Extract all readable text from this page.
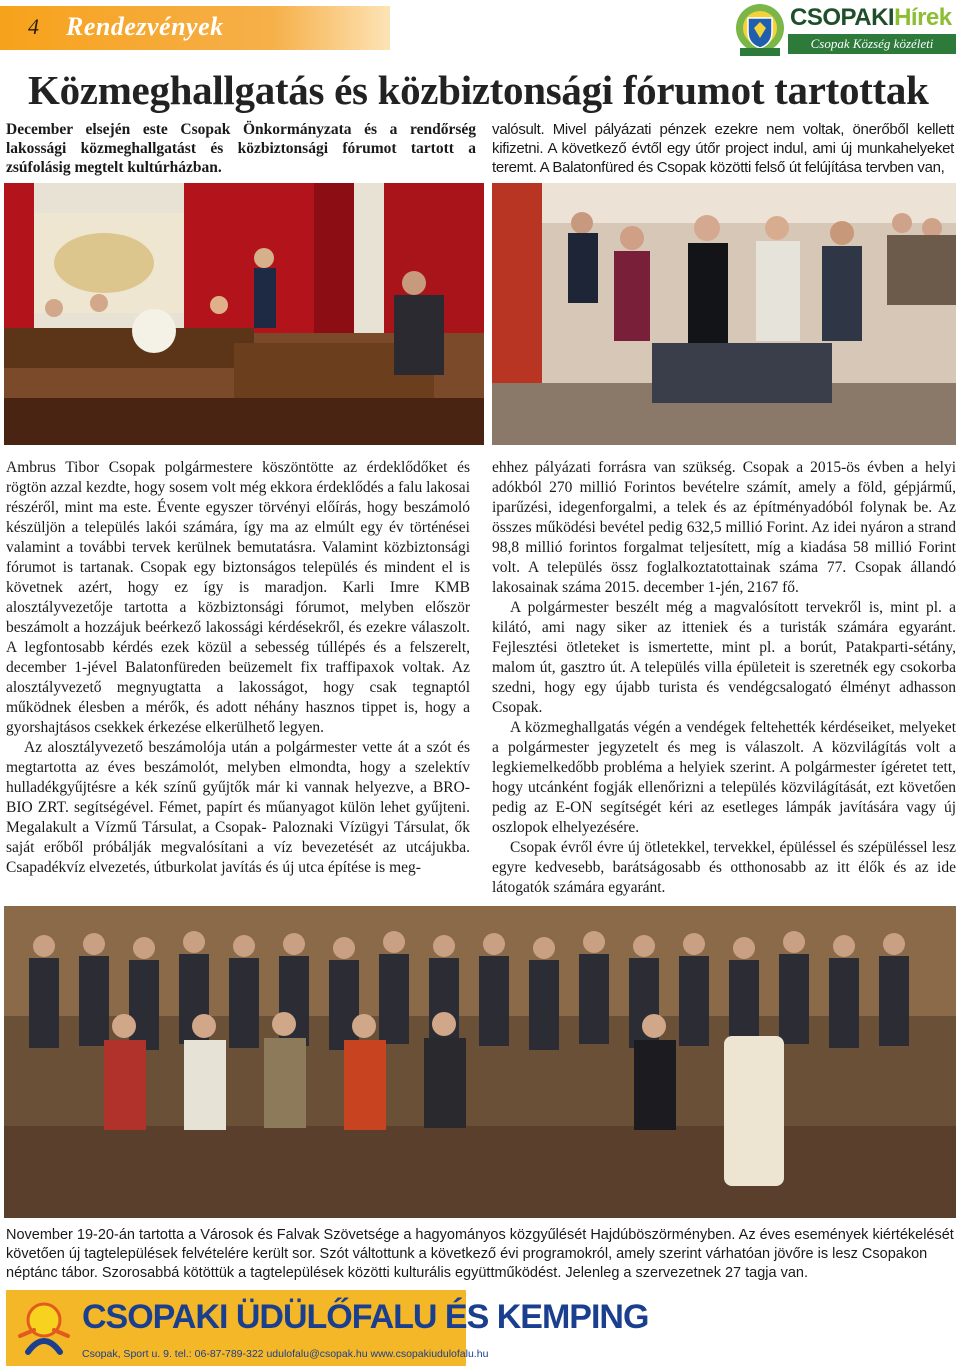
4 Rendezvények	CSOPAKIHírek
Csopak Község közéleti havilapja
Közmeghallgatás és közbiztonsági fórumot tartottak
December elsején este Csopak Önkormányzata és a rendőrség lakossági közmeghallgatást és közbiztonsági fórumot tartott a zsúfolásig megtelt kultúrházban.
valósult. Mivel pályázati pénzek ezekre nem voltak, önerőből kellett kifizetni. A következő évtől egy útőr project indul, ami új munkahelyeket teremt. A Balatonfüred és Csopak közötti felső út felújítása tervben van,

Ambrus Tibor Csopak polgármestere köszöntötte az érdeklődőket és rögtön azzal kezdte, hogy sosem volt még ekkora érdeklődés a falu lakosai részéről, mint ma este. Évente egyszer törvényi előírás, hogy beszámoló készüljön a település lakói számára, így ma az elmúlt egy év történései valamint a további tervek kerülnek bemutatásra. Valamint közbiztonsági fórumot is tartanak. Csopak egy biztonságos település és mindent el is követnek azért, hogy ez így is maradjon. Karli Imre KMB alosztályvezetője tartotta a közbiztonsági fórumot, melyben először beszámolt a hozzájuk beérkező lakossági kérdésekről, és ezekre válaszolt. A legfontosabb kérdés ezek közül a sebesség túllépés és a felszerelt, december 1-jével Balatonfüreden beüzemelt fix traffipaxok voltak. Az alosztályvezető megnyugtatta a lakosságot, hogy csak tegnaptól működnek élesben a mérők, és adott néhány hasznos tippet is, hogy a gyorshajtásos csekkek érkezése elkerülhető legyen.

Az alosztályvezető beszámolója után a polgármester vette át a szót és megtartotta az éves beszámolót, melyben elmondta, hogy a szelektív hulladékgyűjtésre a kék színű gyűjtők már ki vannak helyezve, a BRO-BIO ZRT. segítségével. Fémet, papírt és műanyagot külön lehet gyűjteni. Megalakult a Vízmű Társulat, a Csopak- Paloznaki Vízügyi Társulat, ők saját erőből próbálják megvalósítani a víz bevezetését az utcájukba. Csapadékvíz elvezetés, útburkolat javítás és új utca építése is meg-

ehhez pályázati forrásra van szükség. Csopak a 2015-ös évben a helyi adókból 270 millió Forintos bevételre számít, amely a föld, gépjármű, iparűzési, idegenforgalmi, a telek és az építményadóból folynak be. Az összes működési bevétel pedig 632,5 millió Forint. Az idei nyáron a strand 98,8 millió forintos forgalmat teljesített, míg a kiadása 58 millió Forint volt. A település össz foglalkoztatottainak száma 77. Csopak állandó lakosainak száma 2015. december 1-jén, 2167 fő.

A polgármester beszélt még a magvalósított tervekről is, mint pl. a kilátó, ami nagy siker az itteniek és a turisták számára egyaránt. Fejlesztési ötleteket is ismertette, mint pl. a borút, Patakparti-sétány, malom út, gasztro út. A település villa épületeit is szeretnék egy csokorba szedni, hogy egy újabb turista és vendégcsalogató élményt adhasson Csopak.

A közmeghallgatás végén a vendégek feltehették kérdéseiket, melyeket a polgármester jegyzetelt és meg is válaszolt. A közvilágítás volt a legkiemelkedőbb probléma a helyiek szerint. A polgármester ígéretet tett, hogy utcánként fogják ellenőrizni a település közvilágítását, ezt követően pedig az E-ON segítségét kéri az esetleges lámpák javítására vagy új oszlopok elhelyezésére.

Csopak évről évre új ötletekkel, tervekkel, épüléssel és szépüléssel lesz egyre kedvesebb, barátságosabb és otthonosabb az itt élők és az ide látogatók számára egyaránt.

November 19-20-án tartotta a Városok és Falvak Szövetsége a hagyományos közgyűlését Hajdúböszörményben. Az éves események kiértékelését követően új tagtelepülések felvételére került sor. Szót váltottunk a következő évi programokról, amely szerint várhatóan jövőre is lesz Csopakon néptánc tábor. Szorosabbá kötöttük a tagtelepülések közötti kulturális együttműködést. Jelenleg a szervezetnek 27 tagja van.
CSOPAKI ÜDÜLŐFALU ÉS KEMPING
Csopak, Sport u. 9. tel.: 06-87-789-322 udulofalu@csopak.hu www.csopakiudulofalu.hu
